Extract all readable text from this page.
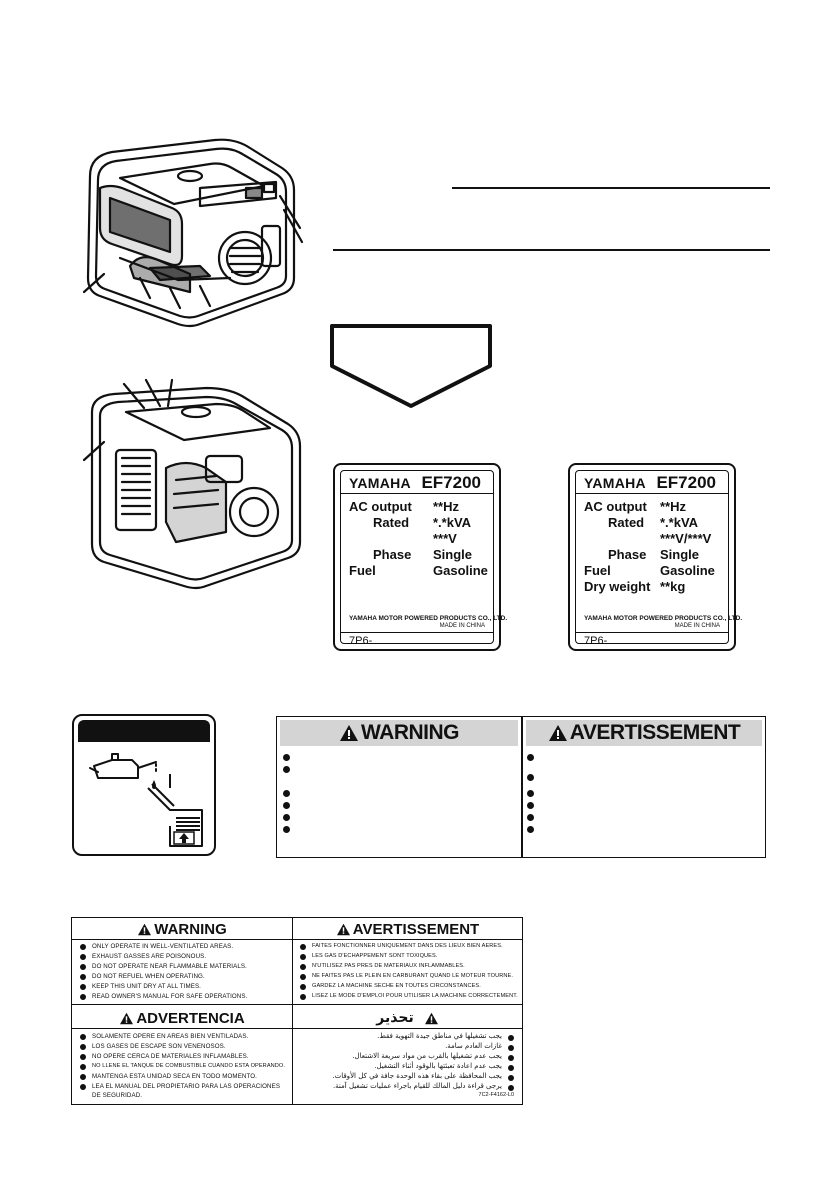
YAMAHA EF7200
AC output **Hz
Rated *.*kVA
***V
Phase Single
Fuel	Gasoline
YAMAHA MOTOR POWERED PRODUCTS CO., LTD.
MADE IN CHINA
7P6-
YAMAHA EF7200
AC output **Hz
Rated *.*kVA
***V/***V
Phase Single
Fuel	Gasoline
Dry weight **kg
YAMAHA MOTOR POWERED PRODUCTS CO., LTD.
MADE IN CHINA
7P6-
WARNING	AVERTISSEMENT
WARNING
ONLY OPERATE IN WELL-VENTILATED AREAS.
EXHAUST GASSES ARE POISONOUS.
DO NOT OPERATE NEAR FLAMMABLE MATERIALS.
DO NOT REFUEL WHEN OPERATING.
KEEP THIS UNIT DRY AT ALL TIMES.
READ OWNER'S MANUAL FOR SAFE OPERATIONS.
AVERTISSEMENT
FAITES FONCTIONNER UNIQUEMENT DANS DES LIEUX BIEN AERES.
LES GAS D'ECHAPPEMENT SONT TOXIQUES.
N'UTILISEZ PAS PRES DE MATERIAUX INFLAMMABLES.
NE FAITES PAS LE PLEIN EN CARBURANT QUAND LE MOTEUR TOURNE.
GARDEZ LA MACHINE SECHE EN TOUTES CIRCONSTANCES.
LISEZ LE MODE D'EMPLOI POUR UTILISER LA MACHINE CORRECTEMENT.
ADVERTENCIA
SOLAMENTE OPERE EN AREAS BIEN VENTILADAS.
LOS GASES DE ESCAPE SON VENENOSOS.
NO OPERE CERCA DE MATERIALES INFLAMABLES.
NO LLENE EL TANQUE DE COMBUSTIBLE CUANDO ESTA OPERANDO.
MANTENGA ESTA UNIDAD SECA EN TODO MOMENTO.
LEA EL MANUAL DEL PROPIETARIO PARA LAS OPERACIONES
DE SEGURIDAD.
تحذير
يجب تشغيلها في مناطق جيدة التهوية فقط.
غازات العادم سامة.
يجب عدم تشغيلها بالقرب من مواد سريعة الاشتعال.
يجب عدم اعادة تعبئتها بالوقود أثناء التشغيل.
يجب المحافظة على بقاء هذه الوحدة جافة في كل الأوقات.
يرجى قراءة دليل المالك للقيام باجراء عمليات تشغيل آمنة.
7C2-F4162-L0
